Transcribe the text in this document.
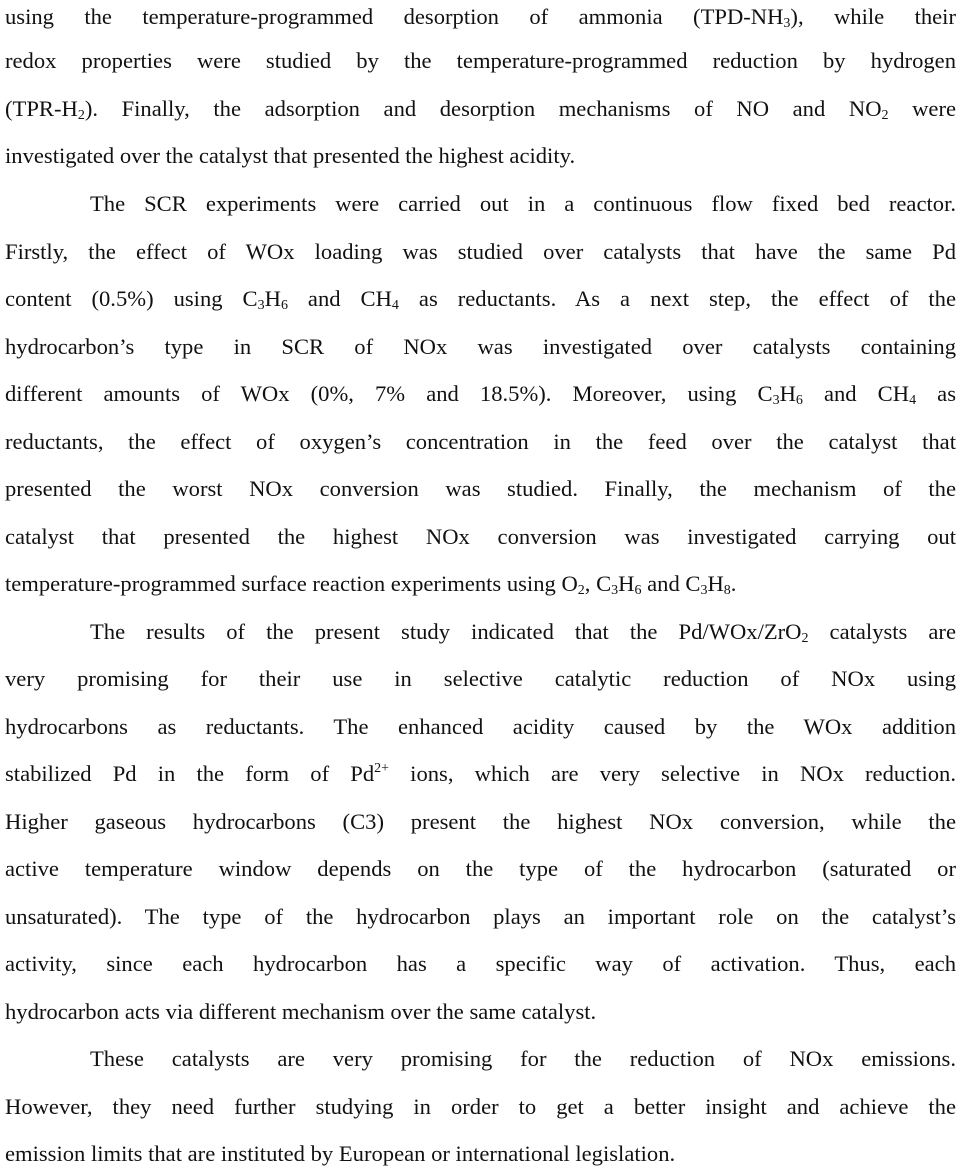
using the temperature-programmed desorption of ammonia $(TPD-NH_3)$, while their
redox properties were studied by the temperature-programmed reduction by hydrogen
$(TPR-H_2)$. Finally, the adsorption and desorption mechanisms of NO and $NO_2$ were
investigated over the catalyst that presented the highest acidity.
The SCR experiments were carried out in a continuous flow fixed bed reactor.
Firstly, the effect of WOx loading was studied over catalysts that have the same Pd
content (0.5%) using $C_3H_6$ and $CH_4$ as reductants. As a next step, the effect of the
hydrocarbon’s type in SCR of NOx was investigated over catalysts containing
different amounts of WOx (0%, 7% and 18.5%). Moreover, using $C_3H_6$ and $CH_4$ as
reductants, the effect of oxygen’s concentration in the feed over the catalyst that
presented the worst NOx conversion was studied. Finally, the mechanism of the
catalyst that presented the highest NOx conversion was investigated carrying out
temperature-programmed surface reaction experiments using $O_2$, $C_3H_6$ and $C_3H_8$.
The results of the present study indicated that the Pd/WOx/ZrO$_2$ catalysts are
very promising for their use in selective catalytic reduction of NOx using
hydrocarbons as reductants. The enhanced acidity caused by the WOx addition
stabilized Pd in the form of $Pd^{2+}$ ions, which are very selective in NOx reduction.
Higher gaseous hydrocarbons (C3) present the highest NOx conversion, while the
active temperature window depends on the type of the hydrocarbon (saturated or
unsaturated). The type of the hydrocarbon plays an important role on the catalyst’s
activity, since each hydrocarbon has a specific way of activation. Thus, each
hydrocarbon acts via different mechanism over the same catalyst.
These catalysts are very promising for the reduction of NOx emissions.
However, they need further studying in order to get a better insight and achieve the
emission limits that are instituted by European or international legislation.
